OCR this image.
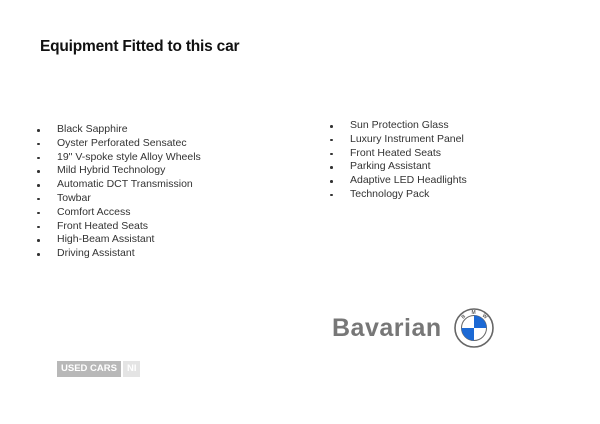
Equipment Fitted to this car
Black Sapphire
Oyster Perforated Sensatec
19" V-spoke style Alloy Wheels
Mild Hybrid Technology
Automatic DCT Transmission
Towbar
Comfort Access
Front Heated Seats
High-Beam Assistant
Driving Assistant
Sun Protection Glass
Luxury Instrument Panel
Front Heated Seats
Parking Assistant
Adaptive LED Headlights
Technology Pack
Bavarian	B
M W
USED CARS	NI
